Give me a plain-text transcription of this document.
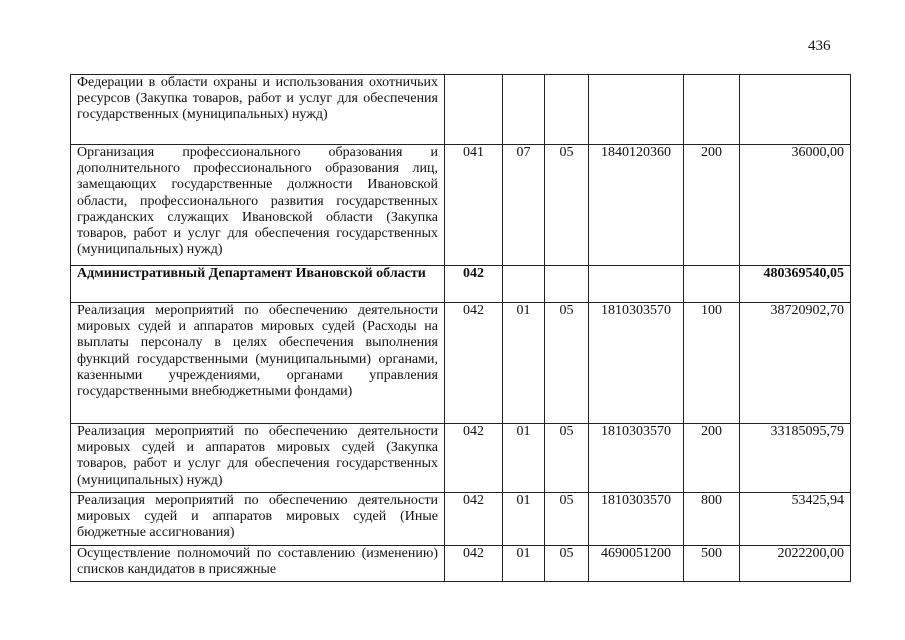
436
Федерации в области охраны и использования охотничьих ресурсов (Закупка товаров, работ и услуг для обеспечения государственных (муниципальных) нужд)						
Организация профессионального образования и дополнительного профессионального образования лиц, замещающих государственные должности Ивановской области, профессионального развития государственных гражданских служащих Ивановской области (Закупка товаров, работ и услуг для обеспечения государственных (муниципальных) нужд)	041	07	05	1840120360	200	36000,00
Административный Департамент Ивановской области	042					480369540,05
Реализация мероприятий по обеспечению деятельности мировых судей и аппаратов мировых судей (Расходы на выплаты персоналу в целях обеспечения выполнения функций государственными (муниципальными) органами, казенными учреждениями, органами управления государственными внебюджетными фондами)	042	01	05	1810303570	100	38720902,70
Реализация мероприятий по обеспечению деятельности мировых судей и аппаратов мировых судей (Закупка товаров, работ и услуг для обеспечения государственных (муниципальных) нужд)	042	01	05	1810303570	200	33185095,79
Реализация мероприятий по обеспечению деятельности мировых судей и аппаратов мировых судей (Иные бюджетные ассигнования)	042	01	05	1810303570	800	53425,94
Осуществление полномочий по составлению (изменению) списков кандидатов в присяжные	042	01	05	4690051200	500	2022200,00
